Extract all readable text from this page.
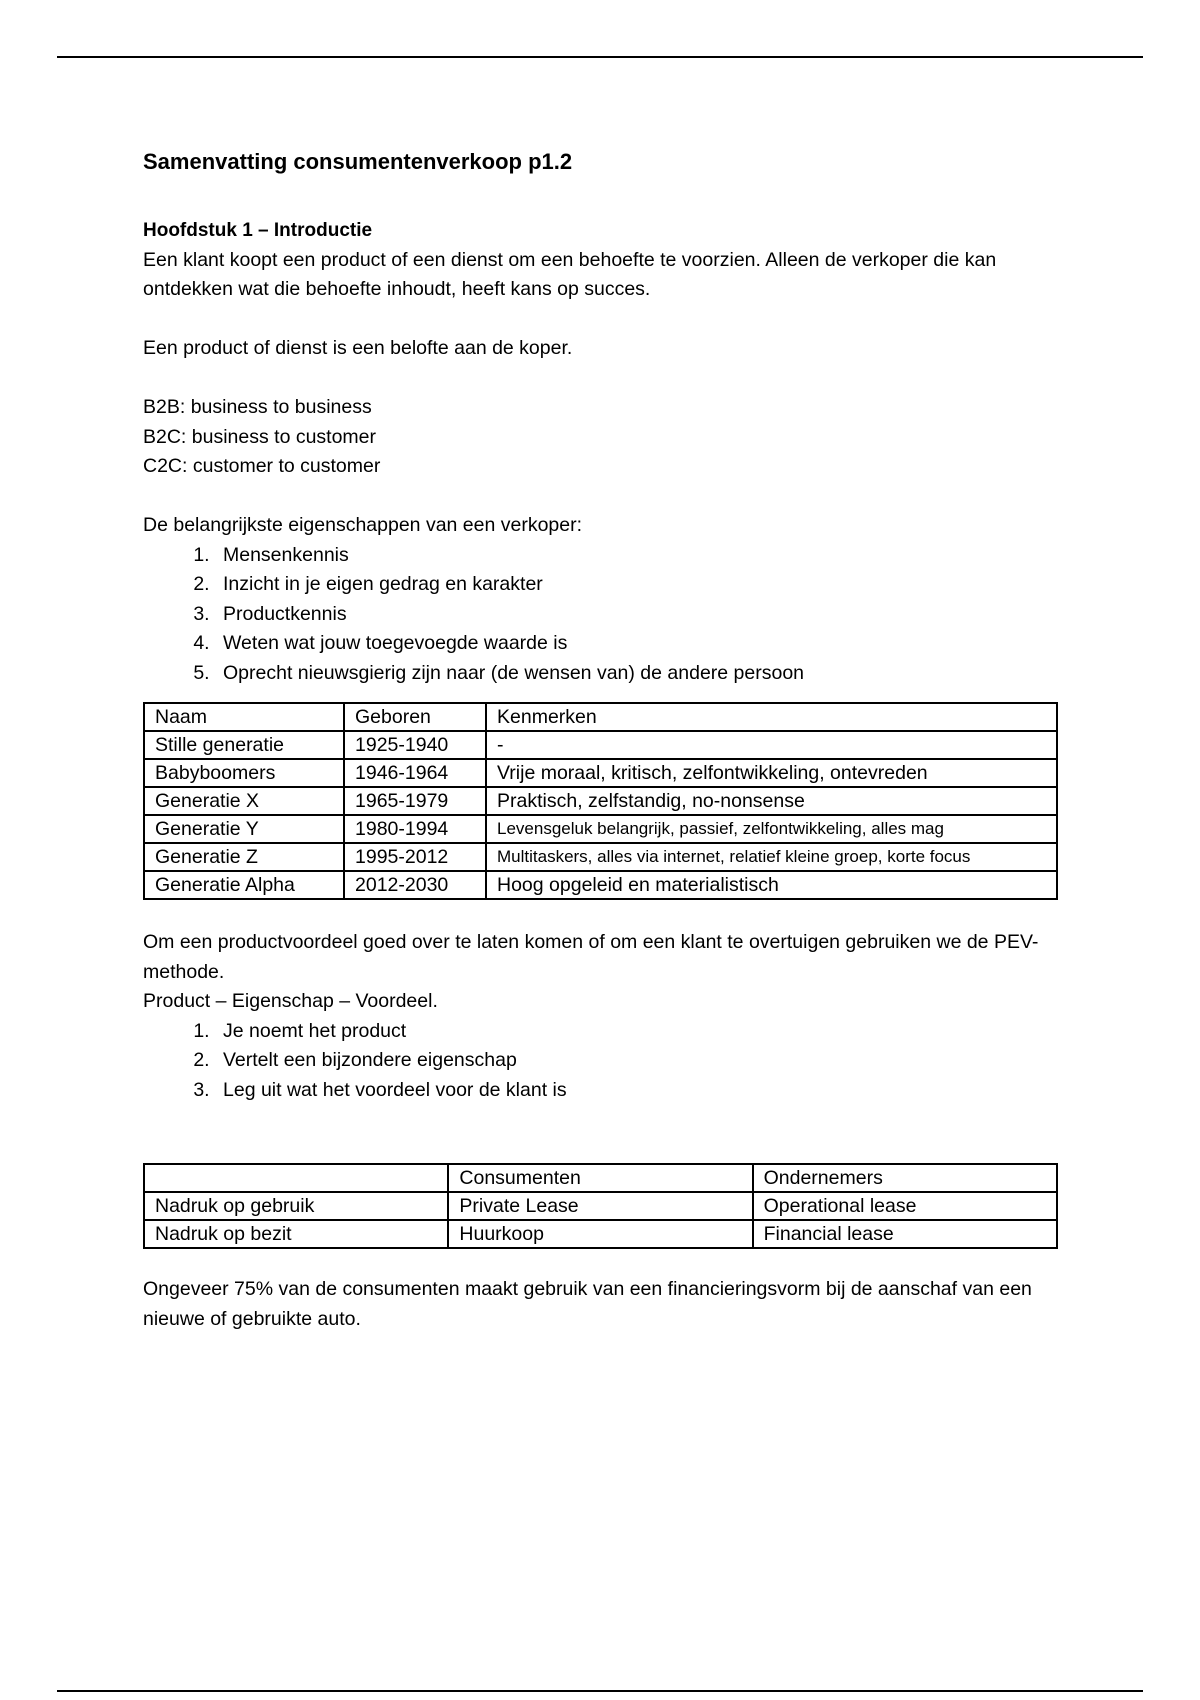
Samenvatting consumentenverkoop p1.2
Hoofdstuk 1 – Introductie

Een klant koopt een product of een dienst om een behoefte te voorzien. Alleen de verkoper die kan ontdekken wat die behoefte inhoudt, heeft kans op succes.

Een product of dienst is een belofte aan de koper.

B2B: business to business

B2C: business to customer

C2C: customer to customer

De belangrijkste eigenschappen van een verkoper:

1. Mensenkennis
2. Inzicht in je eigen gedrag en karakter
3. Productkennis
4. Weten wat jouw toegevoegde waarde is
5. Oprecht nieuwsgierig zijn naar (de wensen van) de andere persoon
Naam	Geboren	Kenmerken
Stille generatie	1925-1940	-
Babyboomers	1946-1964	Vrije moraal, kritisch, zelfontwikkeling, ontevreden
Generatie X	1965-1979	Praktisch, zelfstandig, no-nonsense
Generatie Y	1980-1994	Levensgeluk belangrijk, passief, zelfontwikkeling, alles mag
Generatie Z	1995-2012	Multitaskers, alles via internet, relatief kleine groep, korte focus
Generatie Alpha	2012-2030	Hoog opgeleid en materialistisch

Om een productvoordeel goed over te laten komen of om een klant te overtuigen gebruiken we de PEV-methode.

Product – Eigenschap – Voordeel.

1. Je noemt het product
2. Vertelt een bijzondere eigenschap
3. Leg uit wat het voordeel voor de klant is
	Consumenten	Ondernemers
Nadruk op gebruik	Private Lease	Operational lease
Nadruk op bezit	Huurkoop	Financial lease

Ongeveer 75% van de consumenten maakt gebruik van een financieringsvorm bij de aanschaf van een nieuwe of gebruikte auto.
